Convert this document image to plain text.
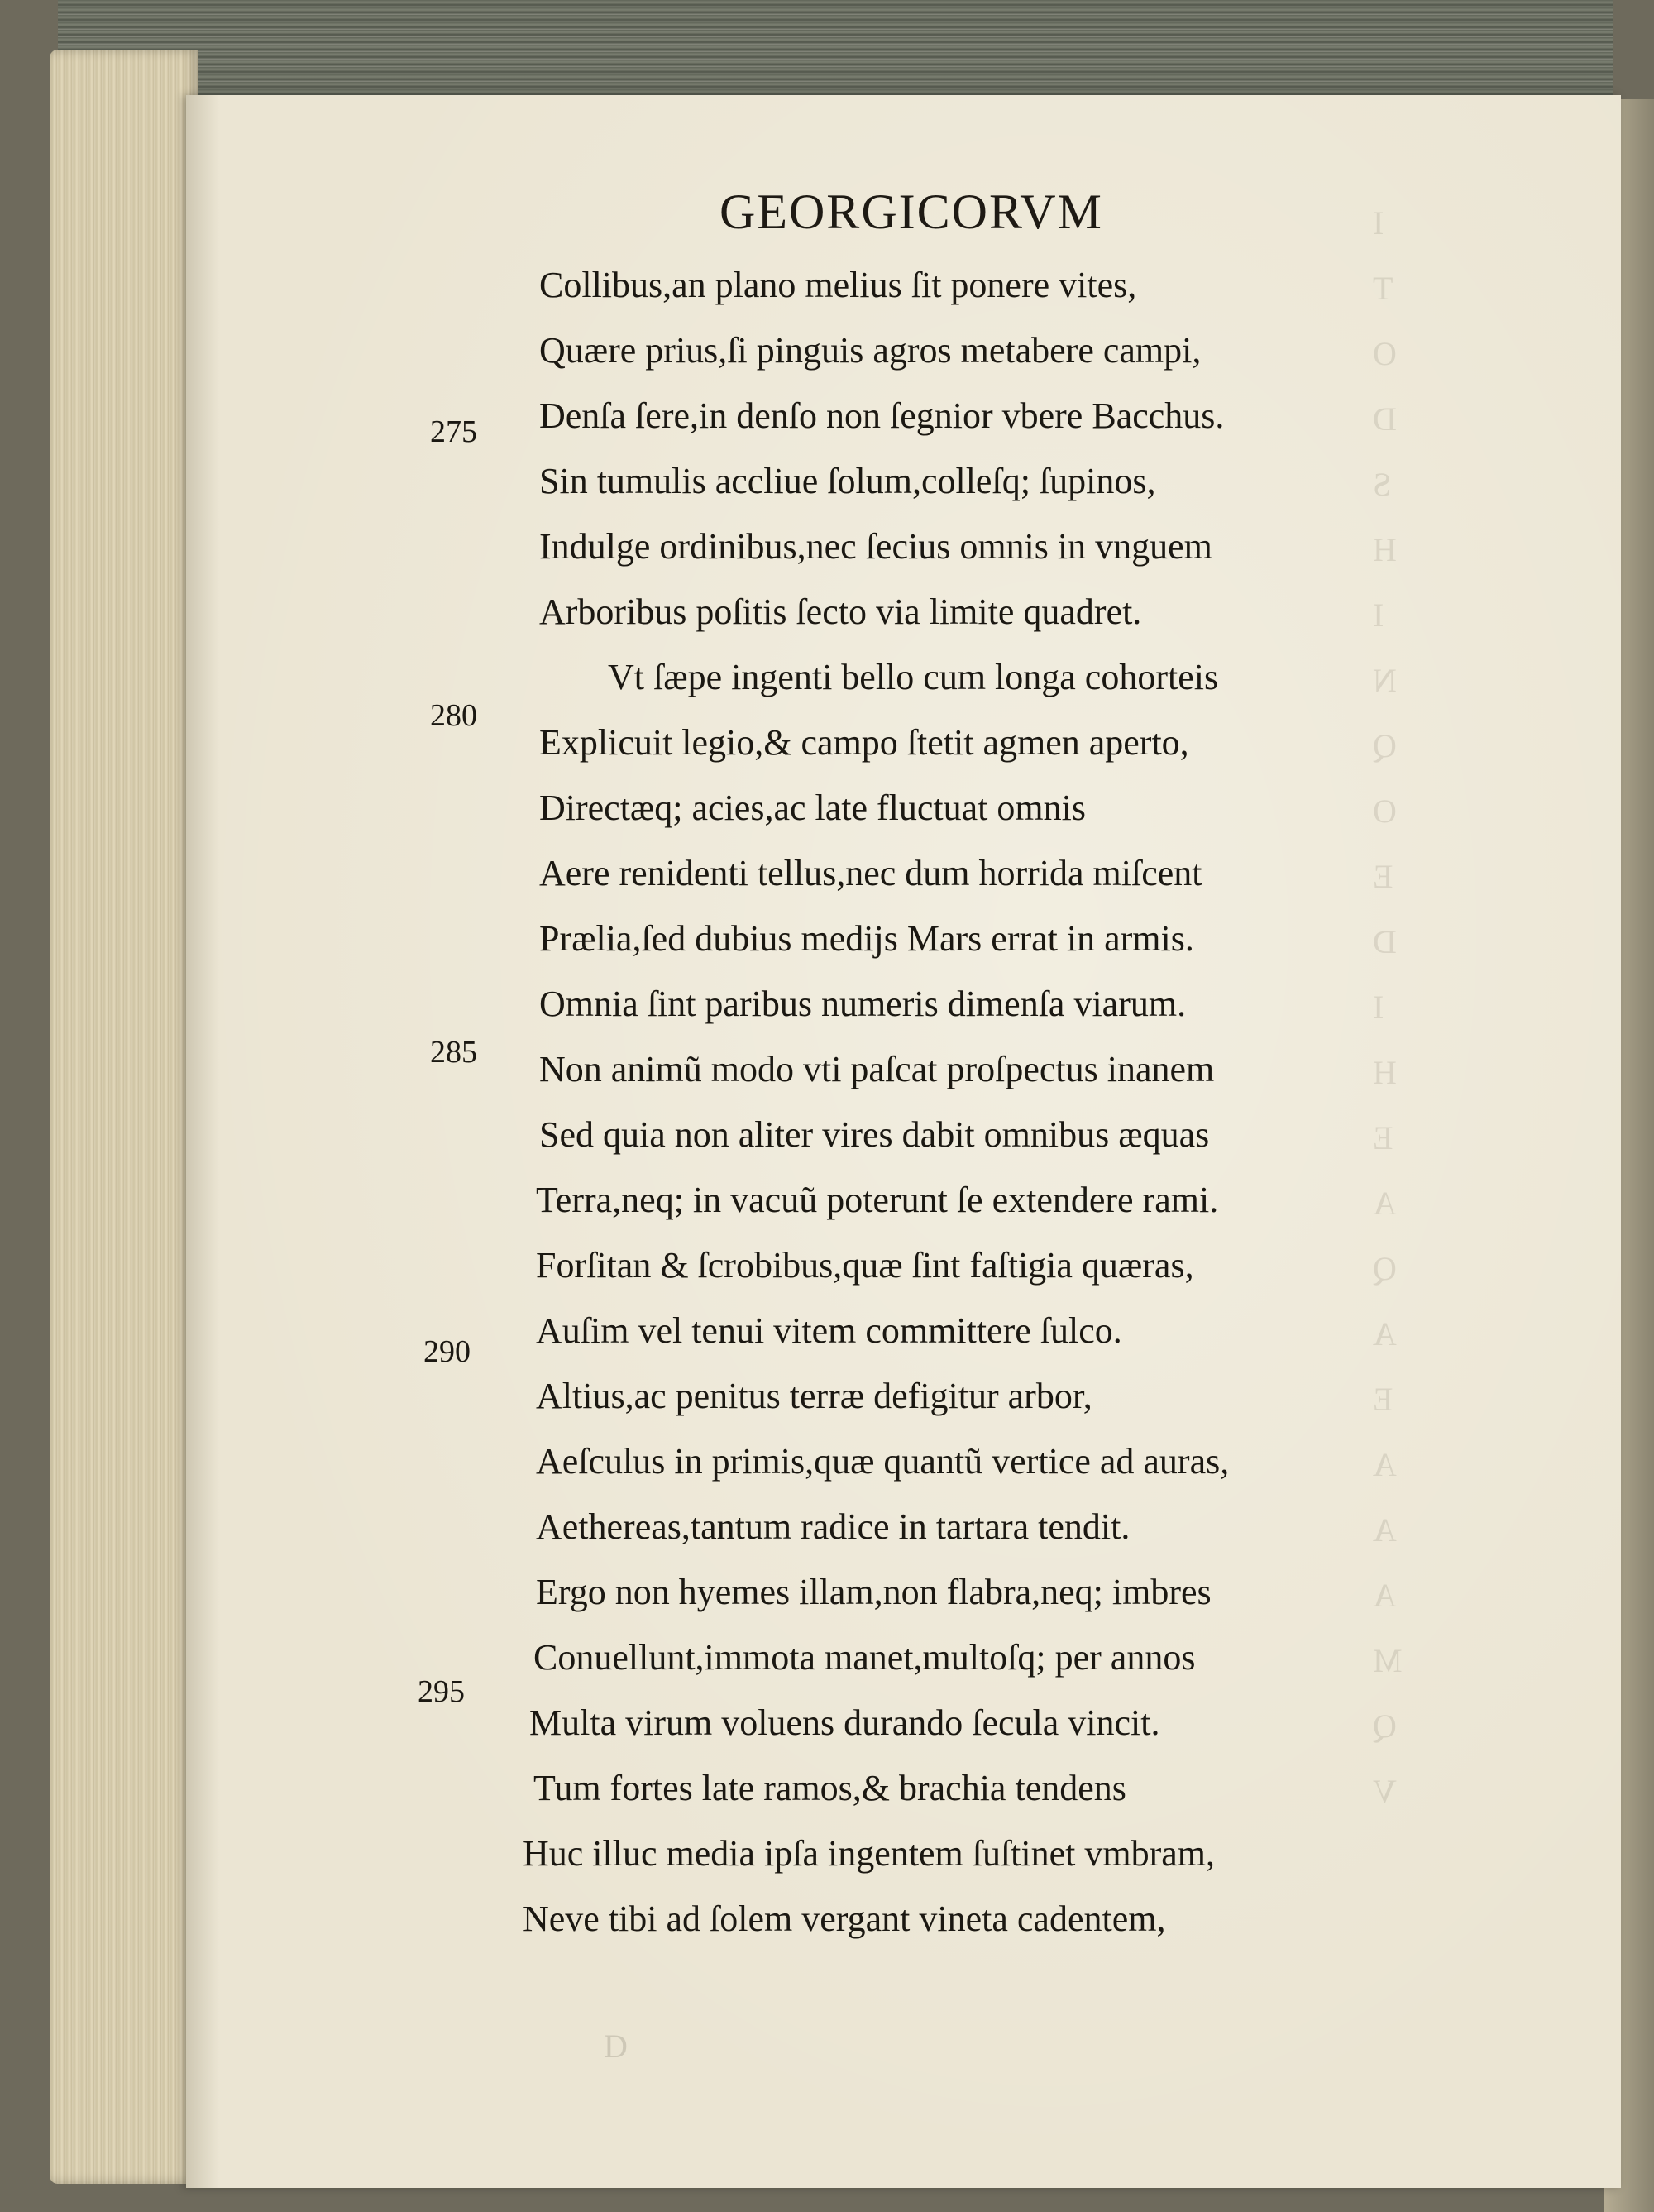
GEORGICORVM
Collibus,an plano melius ſit ponere vites,
Quære prius,ſi pinguis agros metabere campi,
Denſa ſere,in denſo non ſegnior vbere Bacchus.
Sin tumulis accliue ſolum,colleſq; ſupinos,
Indulge ordinibus,nec ſecius omnis in vnguem
Arboribus poſitis ſecto via limite quadret.
Vt ſæpe ingenti bello cum longa cohorteis
Explicuit legio,& campo ſtetit agmen aperto,
Directæq; acies,ac late fluctuat omnis
Aere renidenti tellus,nec dum horrida miſcent
Prælia,ſed dubius medijs Mars errat in armis.
Omnia ſint paribus numeris dimenſa viarum.
Non animũ modo vti paſcat proſpectus inanem
Sed quia non aliter vires dabit omnibus æquas
Terra,neq; in vacuũ poterunt ſe extendere rami.
Forſitan & ſcrobibus,quæ ſint faſtigia quæras,
Auſim vel tenui vitem committere ſulco.
Altius,ac penitus terræ defigitur arbor,
Aeſculus in primis,quæ quantũ vertice ad auras,
Aethereas,tantum radice in tartara tendit.
Ergo non hyemes illam,non flabra,neq; imbres
Conuellunt,immota manet,multoſq; per annos
Multa virum voluens durando ſecula vincit.
Tum fortes late ramos,& brachia tendens
Huc illuc media ipſa ingentem ſuſtinet vmbram,
Neve tibi ad ſolem vergant vineta cadentem,
275
280
285
290
295
D
